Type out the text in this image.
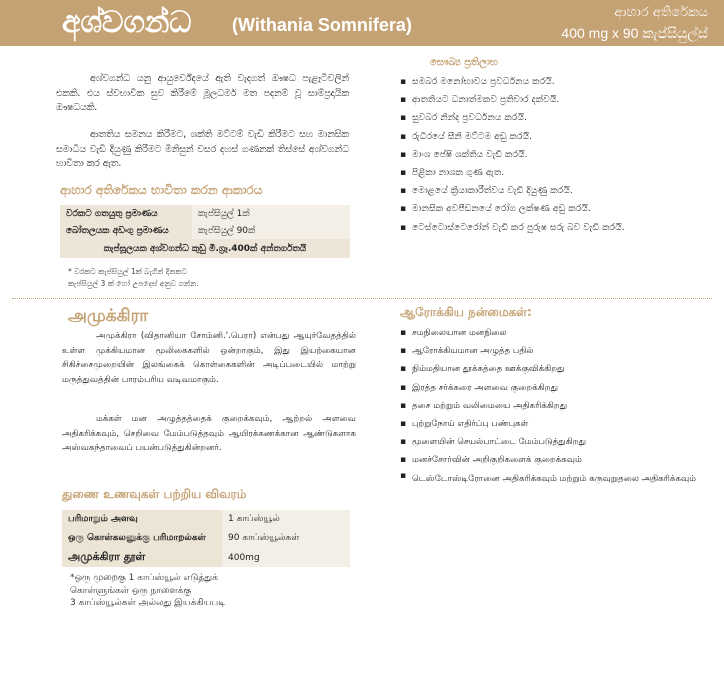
අශ්වගන්ධ (Withania Somnifera)
ආහාර අතිරේකය
400 mg x 90 කැප්සියුල්ස්

අශ්වගන්ධ යනු ආයුර්වේදයේ ඇති වැදගත් ඖෂධ පැළෑටිවලින් එකකි. එය ස්වභාවික සුව කිරීමේ මූලධර්ම මත පදනම් වූ සාම්ප්‍රදායික ඖෂධයකි.

ආතතිය සමනය කිරීමට, ශක්ති මට්ටම් වැඩි කිරීමට සහ මානසික සමාධිය වැඩි දියුණු කිරීමට මිනිසුන් වසර දහස් ගණනක් තිස්සේ අශ්වගන්ධ භාවිතා කර ඇත.

ආහාර අතිරේකය භාවිතා කරන ආකාරය
වරකට ගතයුතු ප්‍රමාණය	කැප්සියුල් 1ක්
බෝතලයක අඩංගු ප්‍රමාණය	කැප්සියුල් 90ක්
කැප්සූලයක අශ්වගන්ධ කුඩු මි.ග්‍රෑ.400ක් අන්තර්ගතයි	
* වරකට කැප්සියුල් 1ක් බැගින් දිනකට
කැප්සියුල් 3 ක් හෝ උපදෙස් අනුව ගන්න.
සෞඛ්‍ය ප්‍රතිලාභ
▪ සමබර මනෝභාවය ප්‍රවර්ධනය කරයි.
▪ ආතතියට ධනාත්මකව ප්‍රතිචාර දක්වයි.
▪ සුවබර නින්ද ප්‍රවර්ධනය කරයි.
▪ රුධිරයේ සීනි මට්ටම අඩු කරයි.
▪ මාංශ පේෂි ශක්තිය වැඩි කරයි.
▪ පිළිකා නාශක ගුණ ඇත.
▪ මොළයේ ක්‍රියාකාරීත්වය වැඩි දියුණු කරයි.
▪ මානසික අවපීඩනයේ රෝග ලක්ෂණ අඩු කරයි.
▪ ටෙස්ටොස්ටෙරෝන් වැඩි කර පුරුෂ සරු බව වැඩි කරයි.
அமுக்கிரா

அமுக்கிரா (விதானியா சோம்னி.'.பெரா) என்பது ஆயுர்வேதத்தில் உள்ள முக்கியமான மூலிகைகளில் ஒன்றாகும், இது இயற்கையான சிகிச்சைமுறையின் இலங்கைக் கொள்கைகளின் அடிப்படையில் மாற்று மருத்துவத்தின் பாரம்பரிய வடிவமாகும்.

மக்கள் மன அழுத்தத்தைக் குறைக்கவும், ஆற்றல் அளவை அதிகரிக்கவும், செறிவை மேம்படுத்தவும் ஆயிரக்கணக்கான ஆண்டுகளாக அஸ்வகந்தாவைப் பயன்படுத்துகின்றனர்.

துணை உணவுகள் பற்றிய விவரம்
பரிமாறும் அளவு	1 காப்ஸ்யூல்
ஒரு கொள்கலனுக்கு பரிமாறல்கள்	90 காப்ஸ்யூல்கள்
அமுக்கிரா தூள்	400mg
*ஒரு முறைகு 1 காப்ஸ்யூல் எடுத்துக்
கொள்ளுங்கள் ஒரு நாளைக்கு
3 காப்ஸ்யூல்கள் அல்லது இயக்கியபடி
ஆரோக்கிய நன்மைகள்:
▪ சமநிலையான மனநிலை
▪ ஆரோக்கியமான அழுத்த பதில்
▪ நிம்மதியான தூக்கத்தை ஊக்குவிக்கிறது
▪ இரத்த சர்க்கரை அளவை குறைக்கிறது
▪ தசை மற்றும் வலிமையை அதிகரிக்கிறது
▪ புற்றுநோய் எதிர்ப்பு பண்புகள்
▪ மூளையின் செயல்பாட்டை மேம்படுத்துகிறது
▪ மனச்சோர்வின் அறிகுறிகளைக் குறைக்கவும்
▪ டெஸ்டோஸ்டிரோனை அதிகரிக்கவும் மற்றும் கருவுறுதலை அதிகரிக்கவும்
